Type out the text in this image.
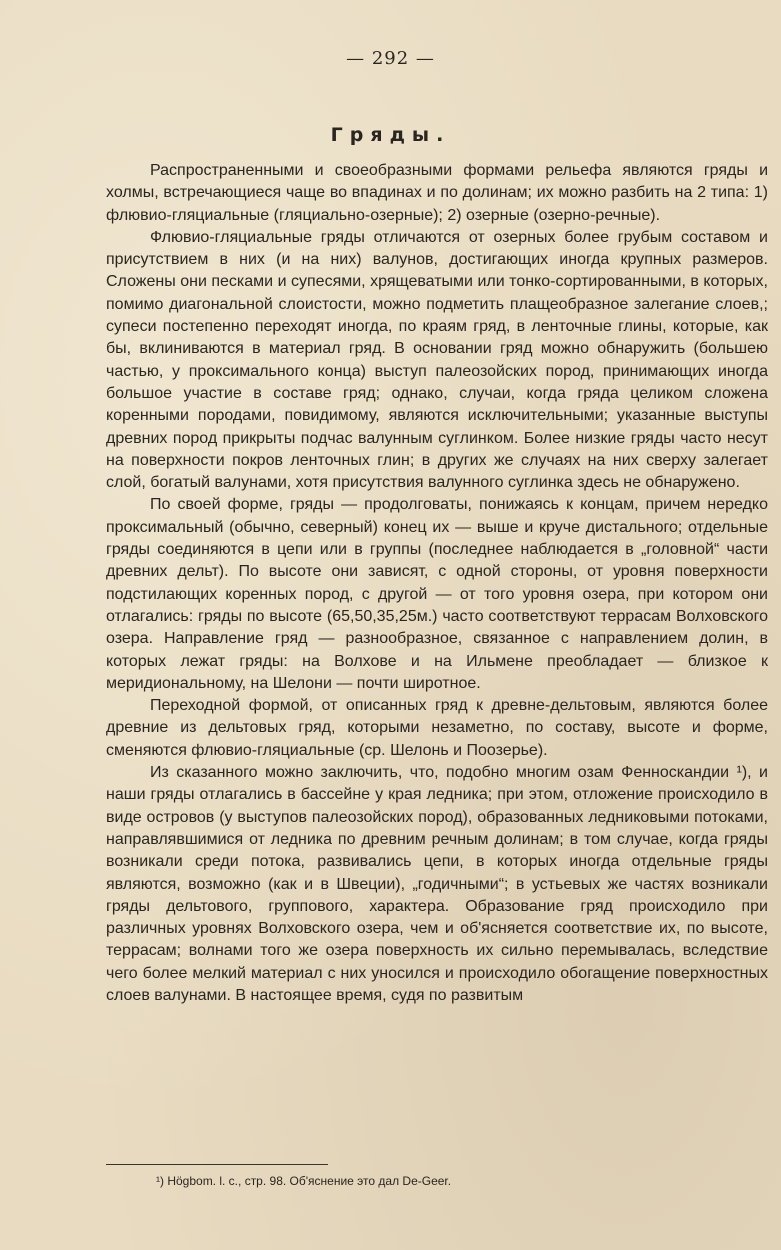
— 292 —
Гряды.

Распространенными и своеобразными формами рельефа являются гряды и холмы, встречающиеся чаще во впадинах и по долинам; их можно разбить на 2 типа: 1) флювио-гляциальные (гляциально-озерные); 2) озерные (озерно-речные).

Флювио-гляциальные гряды отличаются от озерных более грубым составом и присутствием в них (и на них) валунов, достигающих иногда крупных размеров. Сложены они песками и супесями, хрящеватыми или тонко-сортированными, в которых, помимо диагональной слоистости, можно подметить плащеобразное залегание слоев,; супеси постепенно переходят иногда, по краям гряд, в ленточные глины, которые, как бы, вклиниваются в материал гряд. В основании гряд можно обнаружить (большею частью, у проксимального конца) выступ палеозойских пород, принимающих иногда большое участие в составе гряд; однако, случаи, когда гряда целиком сложена коренными породами, повидимому, являются исключительными; указанные выступы древних пород прикрыты подчас валунным суглинком. Более низкие гряды часто несут на поверхности покров ленточных глин; в других же случаях на них сверху залегает слой, богатый валунами, хотя присутствия валунного суглинка здесь не обнаружено.

По своей форме, гряды — продолговаты, понижаясь к концам, причем нередко проксимальный (обычно, северный) конец их — выше и круче дистального; отдельные гряды соединяются в цепи или в группы (последнее наблюдается в „головной“ части древних дельт). По высоте они зависят, с одной стороны, от уровня поверхности подстилающих коренных пород, с другой — от того уровня озера, при котором они отлагались: гряды по высоте (65,50,35,25м.) часто соответствуют террасам Волховского озера. Направление гряд — разнообразное, связанное с направлением долин, в которых лежат гряды: на Волхове и на Ильмене преобладает — близкое к меридиональному, на Шелони — почти широтное.

Переходной формой, от описанных гряд к древне-дельтовым, являются более древние из дельтовых гряд, которыми незаметно, по составу, высоте и форме, сменяются флювио-гляциальные (ср. Шелонь и Поозерье).

Из сказанного можно заключить, что, подобно многим озам Фенноскандии ¹), и наши гряды отлагались в бассейне у края ледника; при этом, отложение происходило в виде островов (у выступов палеозойских пород), образованных ледниковыми потоками, направлявшимися от ледника по древним речным долинам; в том случае, когда гряды возникали среди потока, развивались цепи, в которых иногда отдельные гряды являются, возможно (как и в Швеции), „годичными“; в устьевых же частях возникали гряды дельтового, группового, характера. Образование гряд происходило при различных уровнях Волховского озера, чем и об'ясняется соответствие их, по высоте, террасам; волнами того же озера поверхность их сильно перемывалась, вследствие чего более мелкий материал с них уносился и происходило обогащение поверхностных слоев валунами. В настоящее время, судя по развитым

¹) Högbom. l. c., стр. 98. Об'яснение это дал De-Geer.
